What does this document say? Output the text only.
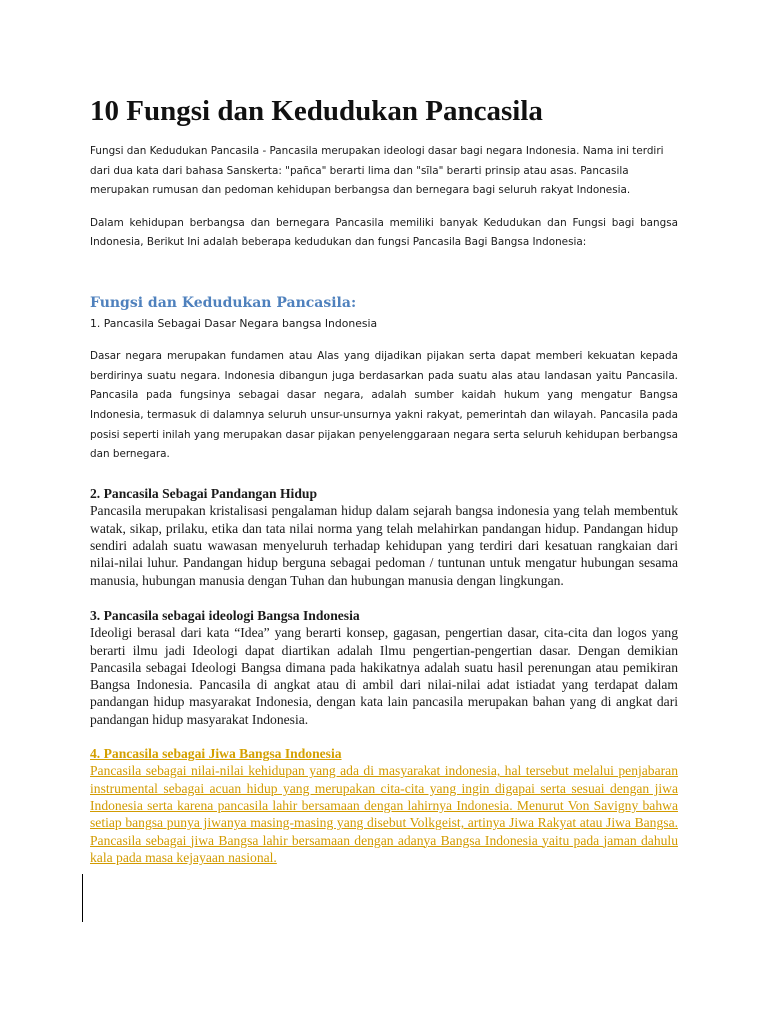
10 Fungsi dan Kedudukan Pancasila

Fungsi dan Kedudukan Pancasila - Pancasila merupakan ideologi dasar bagi negara Indonesia. Nama ini terdiri dari dua kata dari bahasa Sanskerta: "pañca" berarti lima dan "sīla" berarti prinsip atau asas. Pancasila merupakan rumusan dan pedoman kehidupan berbangsa dan bernegara bagi seluruh rakyat Indonesia.

Dalam kehidupan berbangsa dan bernegara Pancasila memiliki banyak Kedudukan dan Fungsi bagi bangsa Indonesia, Berikut Ini adalah beberapa kedudukan dan fungsi Pancasila Bagi Bangsa Indonesia:

Fungsi dan Kedudukan Pancasila:
1. Pancasila Sebagai Dasar Negara bangsa Indonesia

Dasar negara merupakan fundamen atau Alas yang dijadikan pijakan serta dapat memberi kekuatan kepada berdirinya suatu negara. Indonesia dibangun juga berdasarkan pada suatu alas atau landasan yaitu Pancasila. Pancasila pada fungsinya sebagai dasar negara, adalah sumber kaidah hukum yang mengatur Bangsa Indonesia, termasuk di dalamnya seluruh unsur-unsurnya yakni rakyat, pemerintah dan wilayah. Pancasila pada posisi seperti inilah yang merupakan dasar pijakan penyelenggaraan negara serta seluruh kehidupan berbangsa dan bernegara.

2. Pancasila Sebagai Pandangan Hidup

Pancasila merupakan kristalisasi pengalaman hidup dalam sejarah bangsa indonesia yang telah membentuk watak, sikap, prilaku, etika dan tata nilai norma yang telah melahirkan pandangan hidup. Pandangan hidup sendiri adalah suatu wawasan menyeluruh terhadap kehidupan yang terdiri dari kesatuan rangkaian dari nilai-nilai luhur. Pandangan hidup berguna sebagai pedoman / tuntunan untuk mengatur hubungan sesama manusia, hubungan manusia dengan Tuhan dan hubungan manusia dengan lingkungan.

3. Pancasila sebagai ideologi Bangsa Indonesia

Ideoligi berasal dari kata “Idea” yang berarti konsep, gagasan, pengertian dasar, cita-cita dan logos yang berarti ilmu jadi Ideologi dapat diartikan adalah Ilmu pengertian-pengertian dasar. Dengan demikian Pancasila sebagai Ideologi Bangsa dimana pada hakikatnya adalah suatu hasil perenungan atau pemikiran Bangsa Indonesia. Pancasila di angkat atau di ambil dari nilai-nilai adat istiadat yang terdapat dalam pandangan hidup masyarakat Indonesia, dengan kata lain pancasila merupakan bahan yang di angkat dari pandangan hidup masyarakat Indonesia.

4. Pancasila sebagai Jiwa Bangsa Indonesia

Pancasila sebagai nilai-nilai kehidupan yang ada di masyarakat indonesia, hal tersebut melalui penjabaran instrumental sebagai acuan hidup yang merupakan cita-cita yang ingin digapai serta sesuai dengan jiwa Indonesia serta karena pancasila lahir bersamaan dengan lahirnya Indonesia. Menurut Von Savigny bahwa setiap bangsa punya jiwanya masing-masing yang disebut Volkgeist, artinya Jiwa Rakyat atau Jiwa Bangsa. Pancasila sebagai jiwa Bangsa lahir bersamaan dengan adanya Bangsa Indonesia yaitu pada jaman dahulu kala pada masa kejayaan nasional.
